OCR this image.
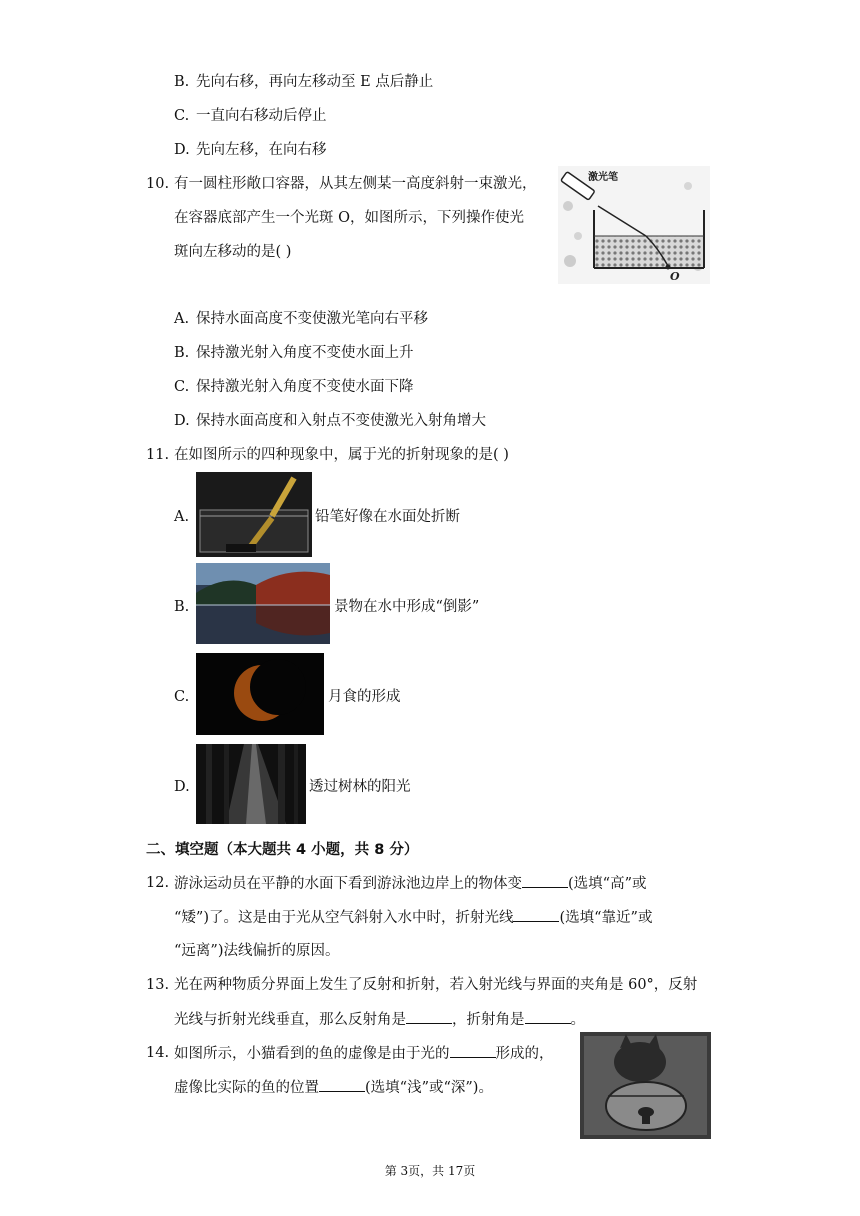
B. 先向右移，再向左移动至 E 点后静止
C. 一直向右移动后停止
D. 先向左移，在向右移
10. 有一圆柱形敞口容器，从其左侧某一高度斜射一束激光，
在容器底部产生一个光斑 O，如图所示，下列操作使光
斑向左移动的是( )
激光笔
O
A. 保持水面高度不变使激光笔向右平移
B. 保持激光射入角度不变使水面上升
C. 保持激光射入角度不变使水面下降
D. 保持水面高度和入射点不变使激光入射角增大
11. 在如图所示的四种现象中，属于光的折射现象的是( )
A.	铅笔好像在水面处折断
B.	景物在水中形成“倒影”
C.	月食的形成
D.	透过树林的阳光
二、填空题（本大题共 4 小题，共 8 分）
12. 游泳运动员在平静的水面下看到游泳池边岸上的物体变	(选填“高”或
“矮”)了。这是由于光从空气斜射入水中时，折射光线	(选填“靠近”或
“远离”)法线偏折的原因。
13. 光在两种物质分界面上发生了反射和折射，若入射光线与界面的夹角是 60°，反射
光线与折射光线垂直，那么反射角是	，折射角是	。
14. 如图所示，小猫看到的鱼的虚像是由于光的	形成的，
虚像比实际的鱼的位置	(选填“浅”或“深”)。
第 3页，共 17页
